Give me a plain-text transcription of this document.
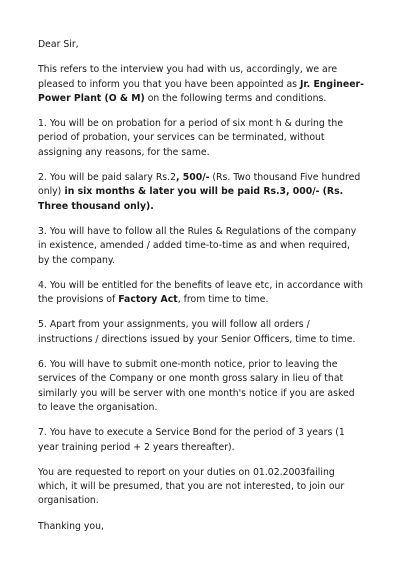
Dear Sir,

This refers to the interview you had with us, accordingly, we are pleased to inform you that you have been appointed as Jr. Engineer-Power Plant (O & M) on the following terms and conditions.

1. You will be on probation for a period of six mont h & during the period of probation, your services can be terminated, without assigning any reasons, for the same.

2. You will be paid salary Rs.2, 500/- (Rs. Two thousand Five hundred only) in six months & later you will be paid Rs.3, 000/- (Rs. Three thousand only).

3. You will have to follow all the Rules & Regulations of the company in existence, amended / added time-to-time as and when required, by the company.

4. You will be entitled for the benefits of leave etc, in accordance with the provisions of Factory Act, from time to time.

5. Apart from your assignments, you will follow all orders / instructions / directions issued by your Senior Officers, time to time.

6. You will have to submit one-month notice, prior to leaving the services of the Company or one month gross salary in lieu of that similarly you will be server with one month's notice if you are asked to leave the organisation.

7. You have to execute a Service Bond for the period of 3 years (1 year training period + 2 years thereafter).

You are requested to report on your duties on 01.02.2003failing which, it will be presumed, that you are not interested, to join our organisation.

Thanking you,
